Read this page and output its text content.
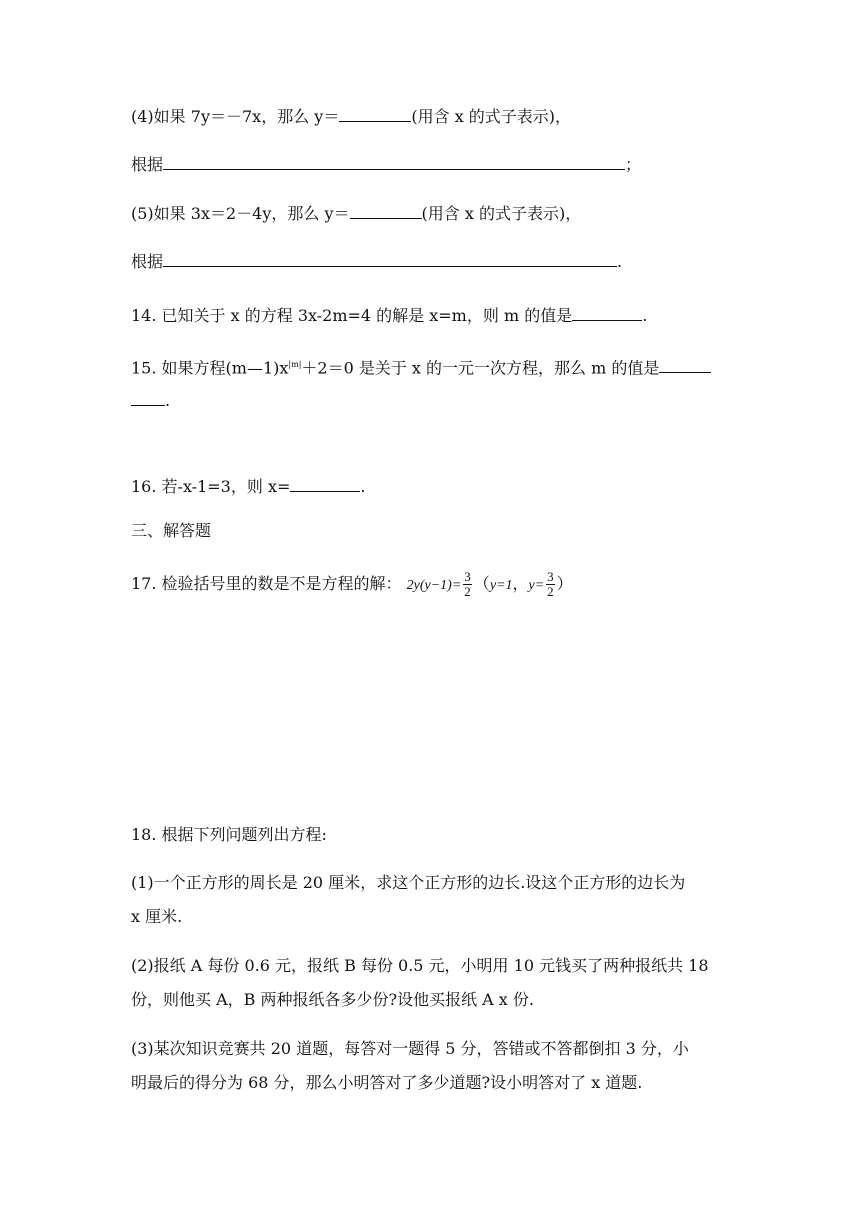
(4)如果 7y＝－7x，那么 y＝	(用含 x 的式子表示)，
根据	；
(5)如果 3x＝2－4y，那么 y＝	(用含 x 的式子表示)，
根据	.
14. 已知关于 x 的方程 3x-2m=4 的解是 x=m，则 m 的值是	.
15. 如果方程$(m—1)x^{|m|}+2=0$ 是关于 x 的一元一次方程，那么 m 的值是
.
16. 若-x-1=3，则 x=	.
三、解答题
17. 检验括号里的数是不是方程的解： $2y(y-1)= \frac{3}{2} (y=1$，$y= \frac{3}{2}$ ）
18. 根据下列问题列出方程:
(1)一个正方形的周长是 20 厘米，求这个正方形的边长.设这个正方形的边长为
x 厘米.
(2)报纸 A 每份 0.6 元，报纸 B 每份 0.5 元，小明用 10 元钱买了两种报纸共 18
份，则他买 A，B 两种报纸各多少份?设他买报纸 A x 份.
(3)某次知识竞赛共 20 道题，每答对一题得 5 分，答错或不答都倒扣 3 分，小
明最后的得分为 68 分，那么小明答对了多少道题?设小明答对了 x 道题.
